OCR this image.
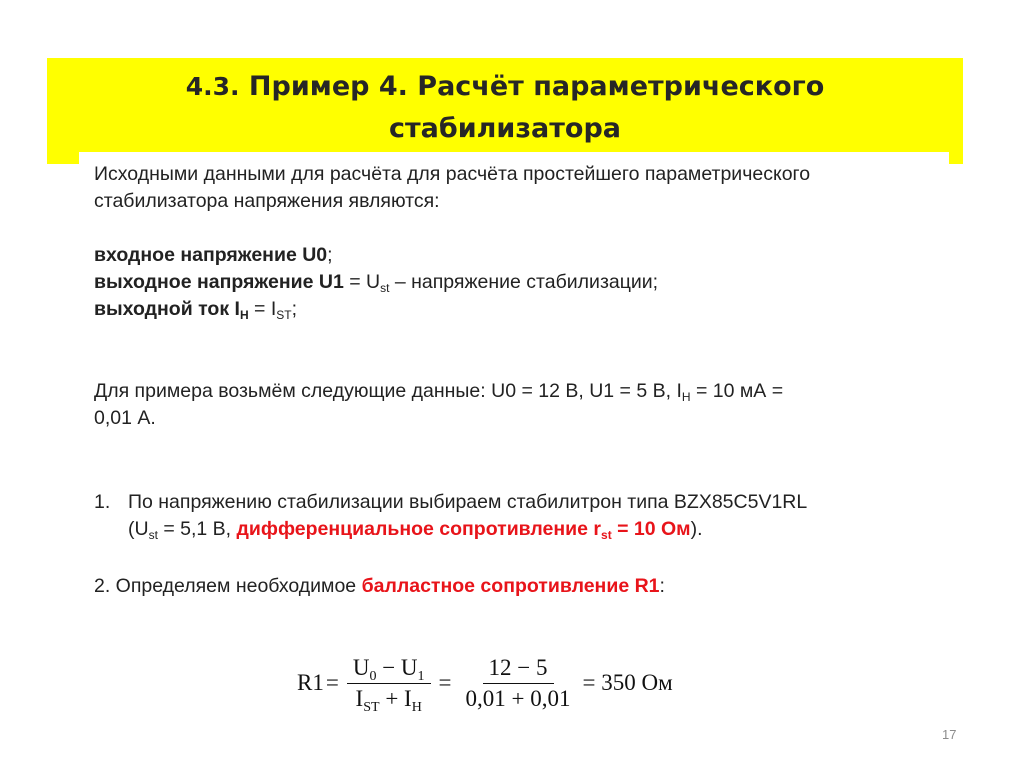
4.3. Пример 4. Расчёт параметрического
стабилизатора
Исходными данными для расчёта для расчёта простейшего параметрического
стабилизатора напряжения являются:
входное напряжение U0;
выходное напряжение $U1 = U_{st}$ – напряжение стабилизации;
выходной ток $I_H = I_{ST}$;
Для примера возьмём следующие данные: U0 = 12 В, U1 = 5 В, $I_H = 10$ мА =
0,01 А.
1. По напряжению стабилизации выбираем стабилитрон типа BZX85C5V1RL
($U_{st} = 5,1$ В, дифференциальное сопротивление $r_{st} = 10$ Ом).
2. Определяем необходимое балластное сопротивление R1:
$R1 = \frac{U_0 - U_1}{I_{ST} + I_Н} = \frac{12 - 5}{0,01 + 0,01} = 350$ Ом
17
